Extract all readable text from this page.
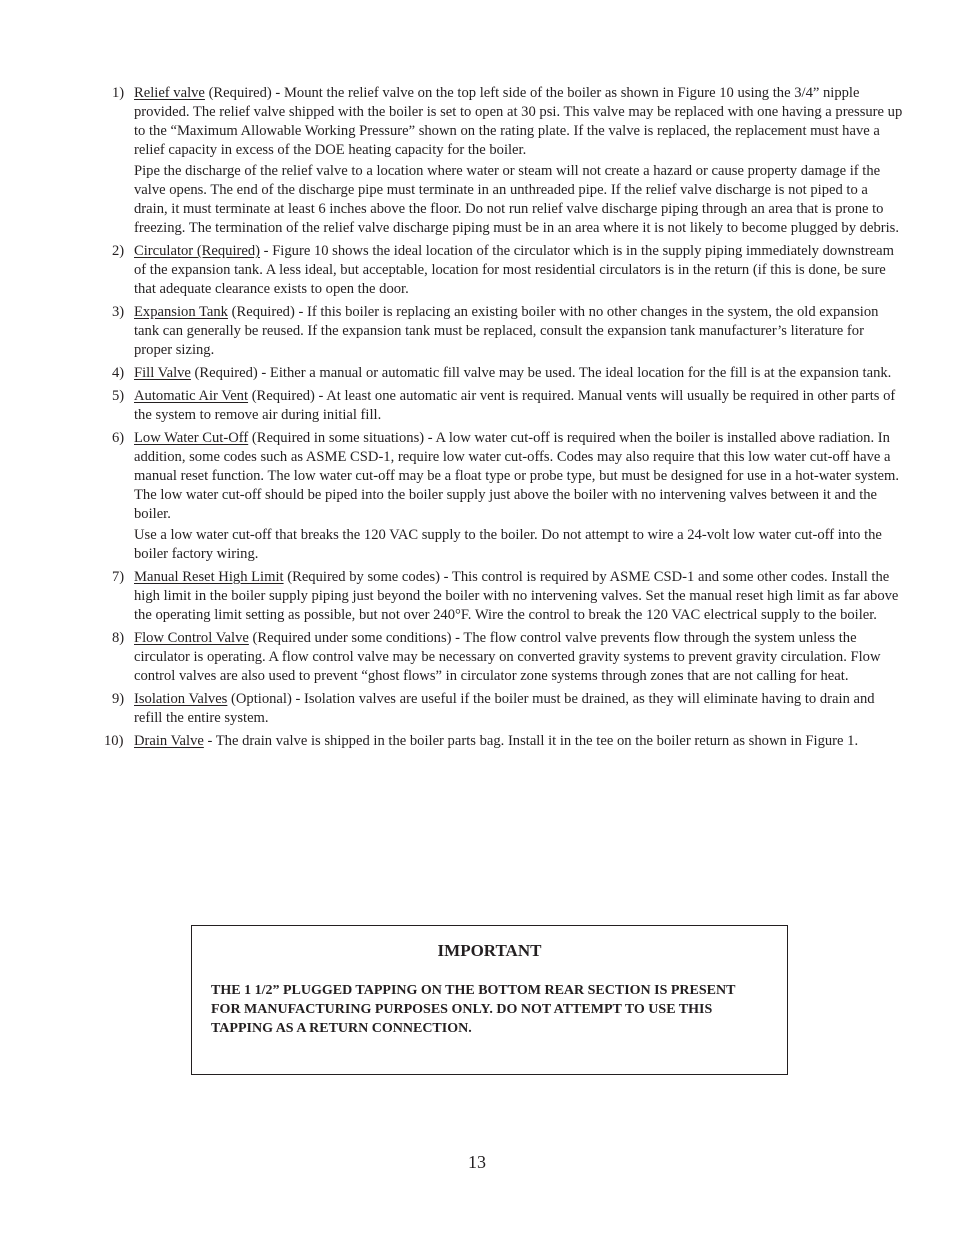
1) Relief valve (Required) - Mount the relief valve on the top left side of the boiler as shown in Figure 10 using the 3/4” nipple provided. The relief valve shipped with the boiler is set to open at 30 psi. This valve may be replaced with one having a pressure up to the “Maximum Allowable Working Pressure” shown on the rating plate. If the valve is replaced, the replacement must have a relief capacity in excess of the DOE heating capacity for the boiler.

Pipe the discharge of the relief valve to a location where water or steam will not create a hazard or cause property damage if the valve opens. The end of the discharge pipe must terminate in an unthreaded pipe. If the relief valve discharge is not piped to a drain, it must terminate at least 6 inches above the floor. Do not run relief valve discharge piping through an area that is prone to freezing. The termination of the relief valve discharge piping must be in an area where it is not likely to become plugged by debris.

2) Circulator (Required) - Figure 10 shows the ideal location of the circulator which is in the supply piping immediately downstream of the expansion tank. A less ideal, but acceptable, location for most residential circulators is in the return (if this is done, be sure that adequate clearance exists to open the door.

3) Expansion Tank (Required) - If this boiler is replacing an existing boiler with no other changes in the system, the old expansion tank can generally be reused. If the expansion tank must be replaced, consult the expansion tank manufacturer’s literature for proper sizing.

4) Fill Valve (Required) - Either a manual or automatic fill valve may be used. The ideal location for the fill is at the expansion tank.

5) Automatic Air Vent (Required) - At least one automatic air vent is required. Manual vents will usually be required in other parts of the system to remove air during initial fill.

6) Low Water Cut-Off (Required in some situations) - A low water cut-off is required when the boiler is installed above radiation. In addition, some codes such as ASME CSD-1, require low water cut-offs. Codes may also require that this low water cut-off have a manual reset function. The low water cut-off may be a float type or probe type, but must be designed for use in a hot-water system. The low water cut-off should be piped into the boiler supply just above the boiler with no intervening valves between it and the boiler.

Use a low water cut-off that breaks the 120 VAC supply to the boiler. Do not attempt to wire a 24-volt low water cut-off into the boiler factory wiring.

7) Manual Reset High Limit (Required by some codes) - This control is required by ASME CSD-1 and some other codes. Install the high limit in the boiler supply piping just beyond the boiler with no intervening valves. Set the manual reset high limit as far above the operating limit setting as possible, but not over 240°F. Wire the control to break the 120 VAC electrical supply to the boiler.

8) Flow Control Valve (Required under some conditions) - The flow control valve prevents flow through the system unless the circulator is operating. A flow control valve may be necessary on converted gravity systems to prevent gravity circulation. Flow control valves are also used to prevent “ghost flows” in circulator zone systems through zones that are not calling for heat.

9) Isolation Valves (Optional) - Isolation valves are useful if the boiler must be drained, as they will eliminate having to drain and refill the entire system.

10) Drain Valve - The drain valve is shipped in the boiler parts bag. Install it in the tee on the boiler return as shown in Figure 1.

IMPORTANT
THE 1 1/2” PLUGGED TAPPING ON THE BOTTOM REAR SECTION IS PRESENT FOR MANUFACTURING PURPOSES ONLY. DO NOT ATTEMPT TO USE THIS TAPPING AS A RETURN CONNECTION.
13
